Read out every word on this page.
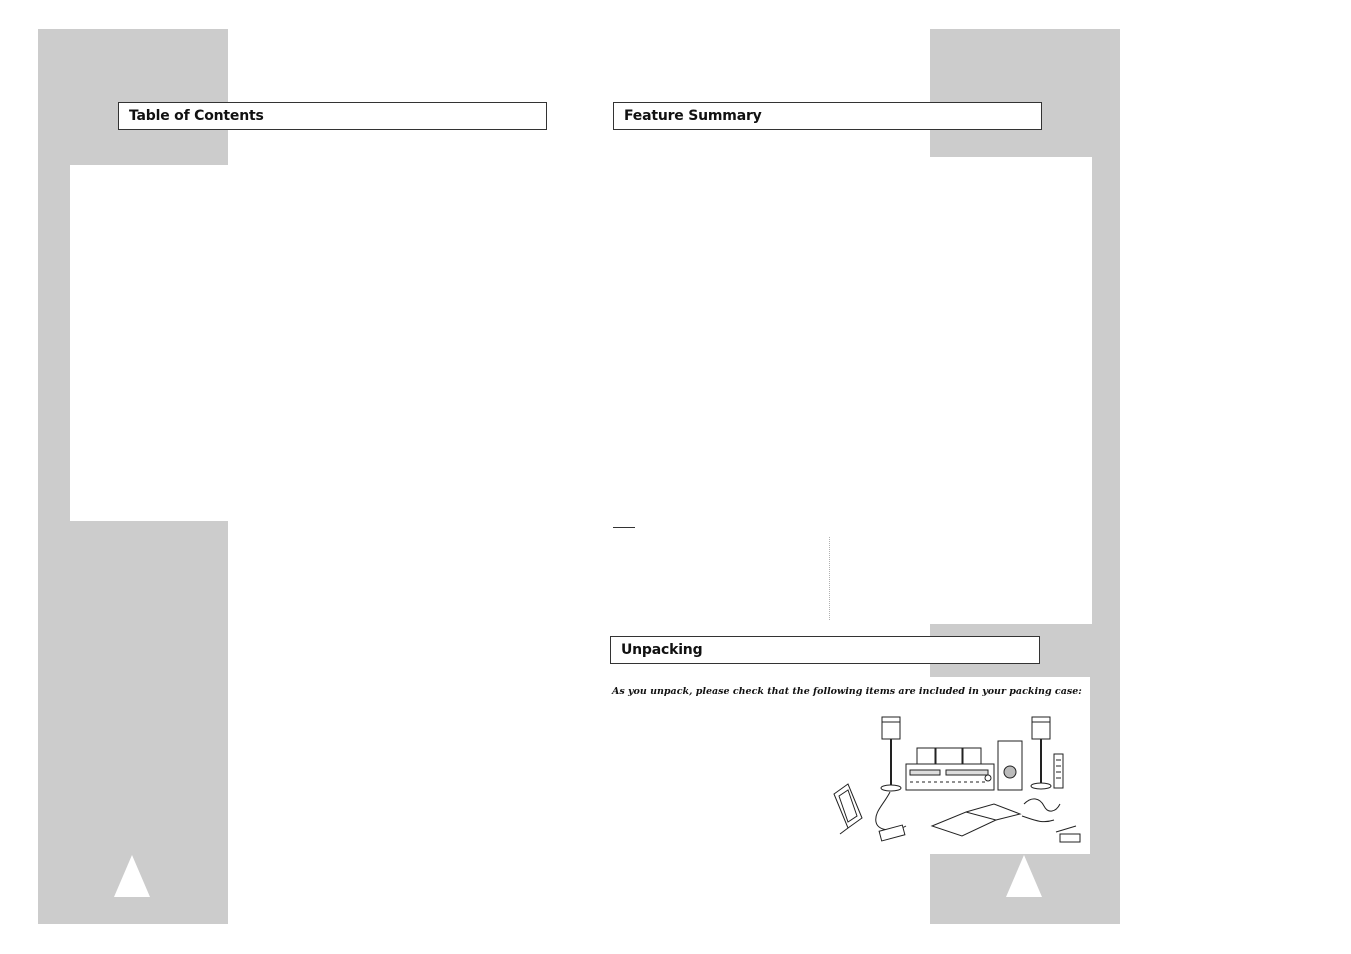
Table of Contents	Feature Summary
Unpacking
As you unpack, please check that the following items are included in your packing case:
